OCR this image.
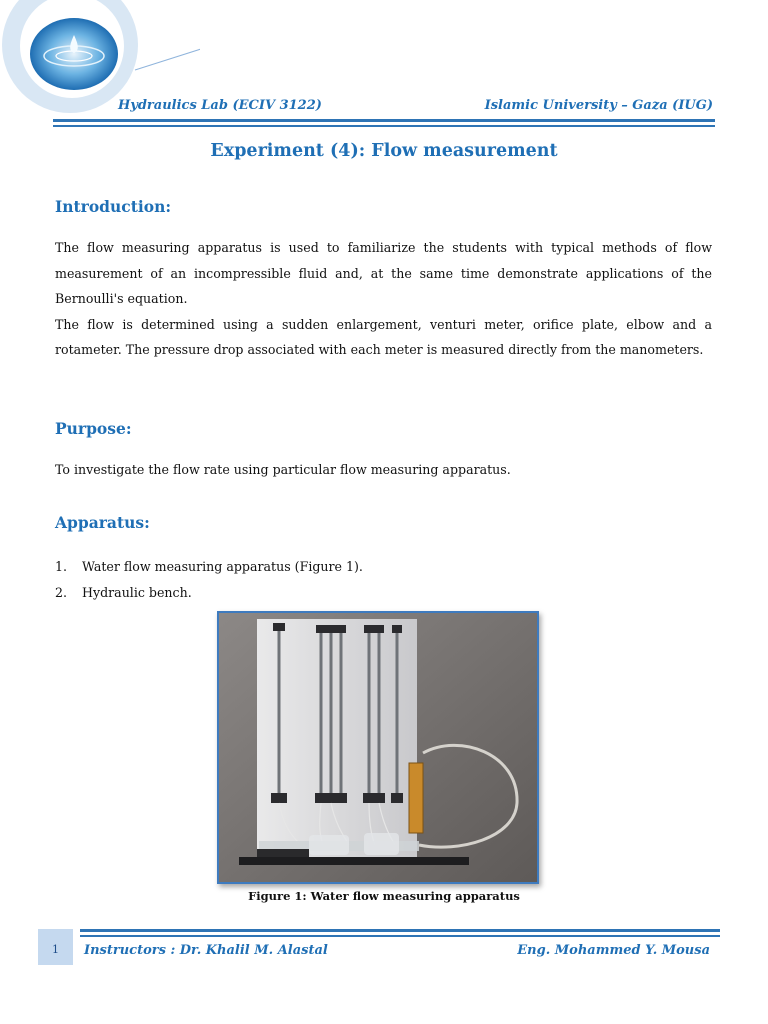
Hydraulics Lab (ECIV 3122)	Islamic University – Gaza (IUG)
Experiment (4): Flow measurement
Introduction:

The flow measuring apparatus is used to familiarize the students with typical methods of flow measurement of an incompressible fluid and, at the same time demonstrate applications of the Bernoulli's equation.

The flow is determined using a sudden enlargement, venturi meter, orifice plate, elbow and a rotameter. The pressure drop associated with each meter is measured directly from the manometers.

Purpose:

To investigate the flow rate using particular flow measuring apparatus.

Apparatus:
1.	Water flow measuring apparatus (Figure 1).
2.	Hydraulic bench.
Figure 1: Water flow measuring apparatus
1	Instructors : Dr. Khalil M. Alastal	Eng. Mohammed Y. Mousa
